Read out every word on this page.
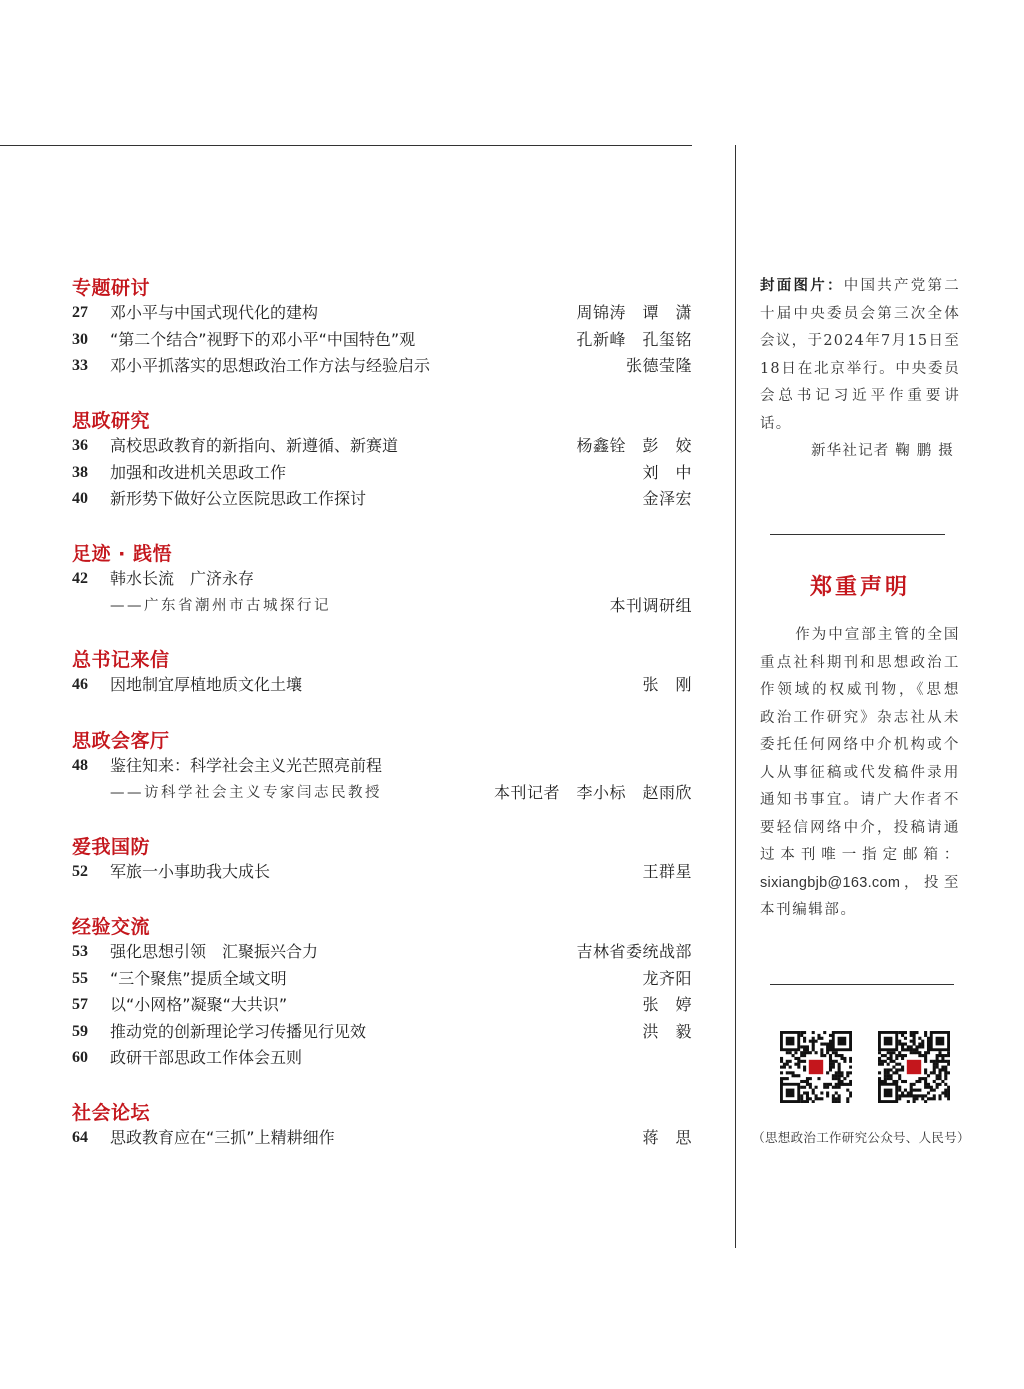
专题研讨
27	邓小平与中国式现代化的建构	周锦涛　谭　潇
30	“第二个结合”视野下的邓小平“中国特色”观	孔新峰　孔玺铭
33	邓小平抓落实的思想政治工作方法与经验启示	张德莹隆
思政研究
36	高校思政教育的新指向、新遵循、新赛道	杨鑫铨　彭　姣
38	加强和改进机关思政工作	刘　中
40	新形势下做好公立医院思政工作探讨	金泽宏
足迹 · 践悟
42	韩水长流　广济永存
——广东省潮州市古城探行记	本刊调研组
总书记来信
46	因地制宜厚植地质文化土壤	张　刚
思政会客厅
48	鉴往知来：科学社会主义光芒照亮前程
——访科学社会主义专家闫志民教授	本刊记者　李小标　赵雨欣
爱我国防
52	军旅一小事助我大成长	王群星
经验交流
53	强化思想引领　汇聚振兴合力	吉林省委统战部
55	“三个聚焦”提质全域文明	龙齐阳
57	以“小网格”凝聚“大共识”	张　婷
59	推动党的创新理论学习传播见行见效	洪　毅
60	政研干部思政工作体会五则
社会论坛
64	思政教育应在“三抓”上精耕细作	蒋　思
封面图片：中国共产党第二十届中央委员会第三次全体会议，于2024年7月15日至18日在北京举行。中央委员会总书记习近平作重要讲话。
新华社记者 鞠 鹏 摄
郑重声明
作为中宣部主管的全国重点社科期刊和思想政治工作领域的权威刊物，《思想政治工作研究》杂志社从未委托任何网络中介机构或个人从事征稿或代发稿件录用通知书事宜。请广大作者不要轻信网络中介，投稿请通过本刊唯一指定邮箱：sixiangbjb@163.com，投至本刊编辑部。
（思想政治工作研究公众号、人民号）
